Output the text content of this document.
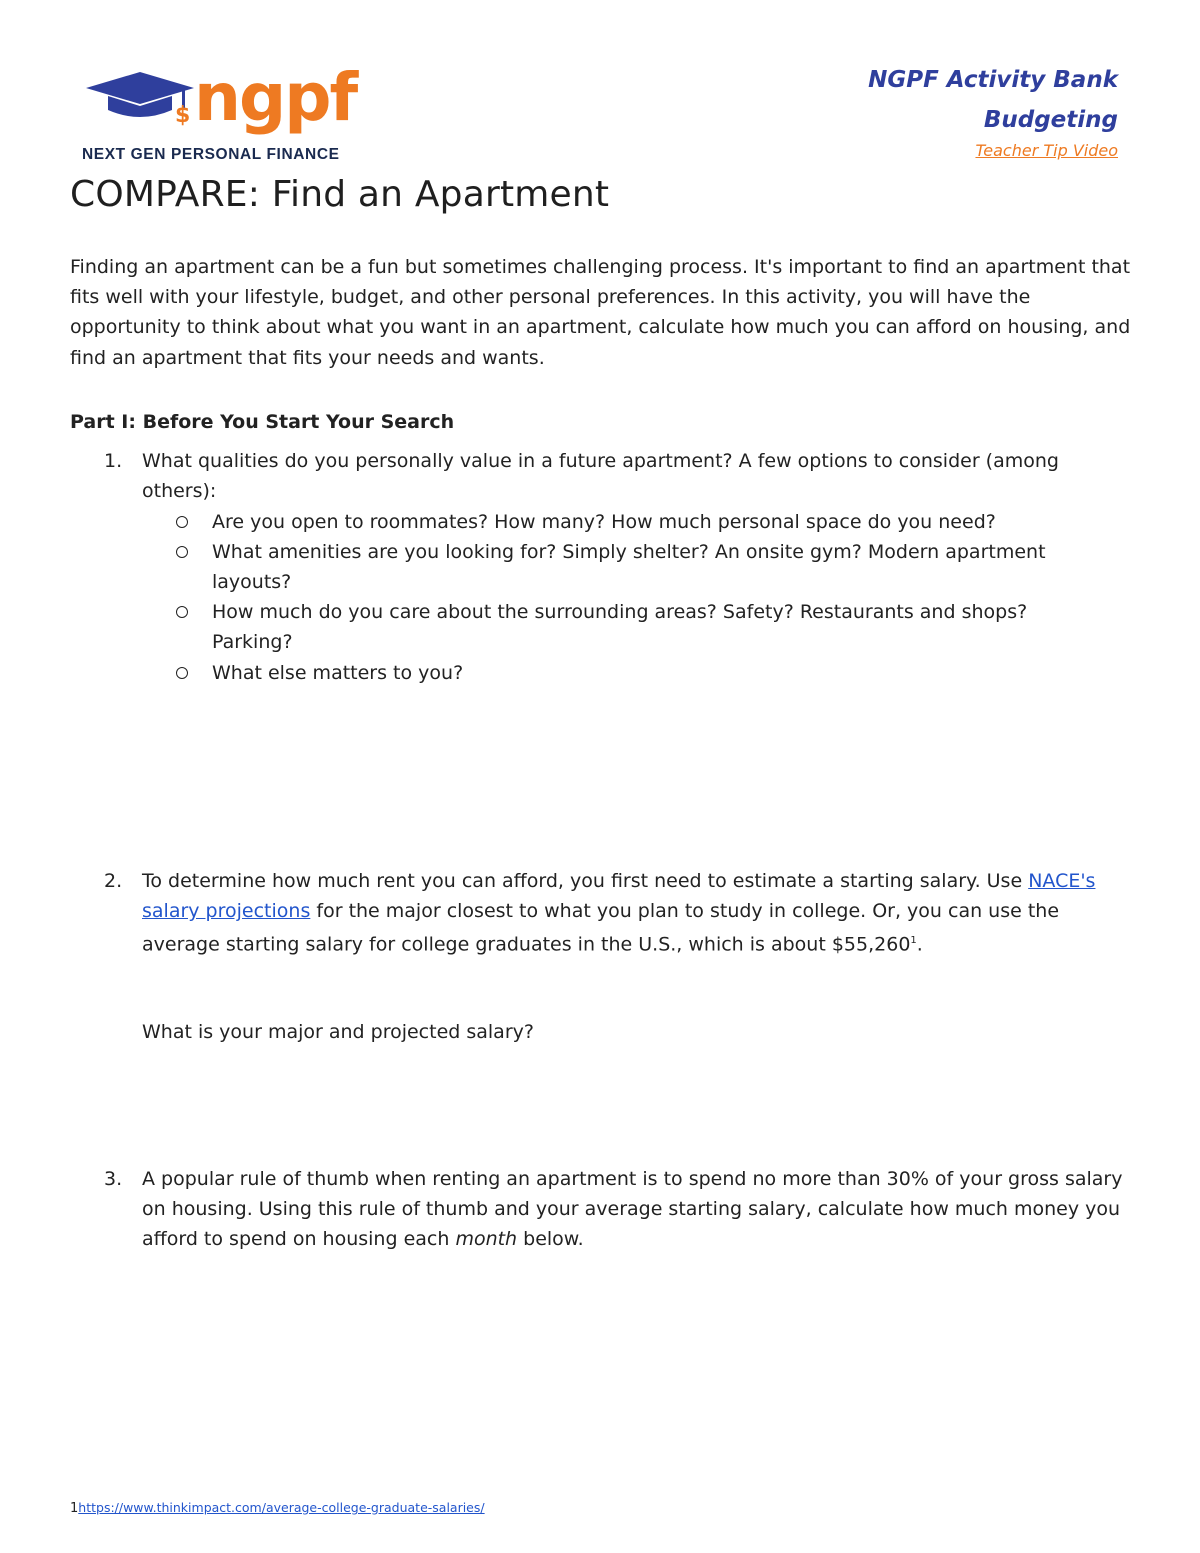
$ ngpf
NEXT GEN PERSONAL FINANCE
NGPF Activity Bank
Budgeting
Teacher Tip Video
COMPARE: Find an Apartment

Finding an apartment can be a fun but sometimes challenging process. It's important to find an apartment that fits well with your lifestyle, budget, and other personal preferences. In this activity, you will have the opportunity to think about what you want in an apartment, calculate how much you can afford on housing, and find an apartment that fits your needs and wants.

Part I: Before You Start Your Search

1. What qualities do you personally value in a future apartment? A few options to consider (among others):
Are you open to roommates? How many? How much personal space do you need?
What amenities are you looking for? Simply shelter? An onsite gym? Modern apartment layouts?
How much do you care about the surrounding areas? Safety? Restaurants and shops? Parking?
What else matters to you?
2. To determine how much rent you can afford, you first need to estimate a starting salary. Use NACE's salary projections for the major closest to what you plan to study in college. Or, you can use the average starting salary for college graduates in the U.S., which is about $55,260$^1$.
What is your major and projected salary?
3. A popular rule of thumb when renting an apartment is to spend no more than 30% of your gross salary on housing. Using this rule of thumb and your average starting salary, calculate how much money you afford to spend on housing each month below.
1https://www.thinkimpact.com/average-college-graduate-salaries/
